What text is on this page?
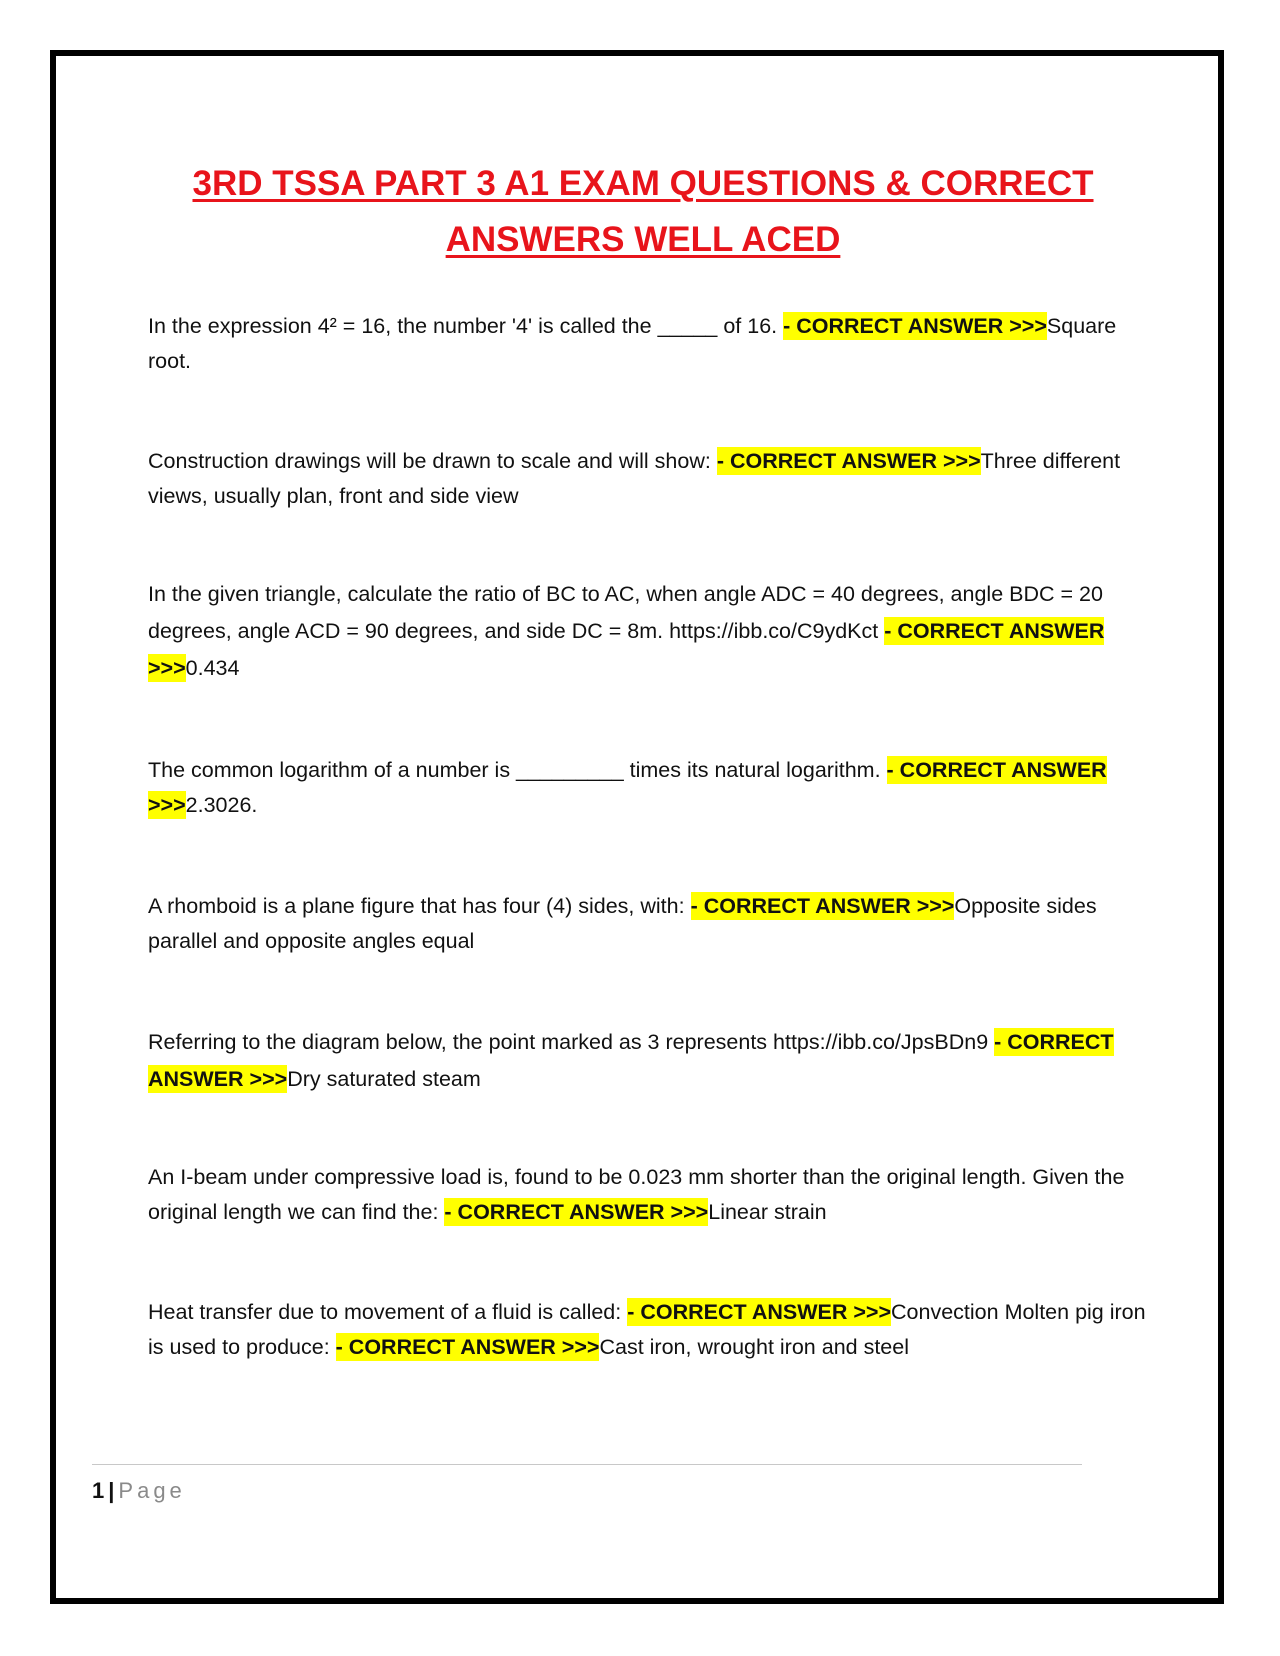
3RD TSSA PART 3 A1 EXAM QUESTIONS & CORRECT
ANSWERS WELL ACED

In the expression 4² = 16, the number '4' is called the _____ of 16. - CORRECT ANSWER >>>Square root.

Construction drawings will be drawn to scale and will show: - CORRECT ANSWER >>>Three different views, usually plan, front and side view

In the given triangle, calculate the ratio of BC to AC, when angle ADC = 40 degrees, angle BDC = 20 degrees, angle ACD = 90 degrees, and side DC = 8m. https://ibb.co/C9ydKct - CORRECT ANSWER >>>0.434

The common logarithm of a number is _________ times its natural logarithm. - CORRECT ANSWER >>>2.3026.

A rhomboid is a plane figure that has four (4) sides, with: - CORRECT ANSWER >>>Opposite sides parallel and opposite angles equal

Referring to the diagram below, the point marked as 3 represents https://ibb.co/JpsBDn9 - CORRECT ANSWER >>>Dry saturated steam

An I-beam under compressive load is, found to be 0.023 mm shorter than the original length. Given the original length we can find the: - CORRECT ANSWER >>>Linear strain

Heat transfer due to movement of a fluid is called: - CORRECT ANSWER >>>Convection Molten pig iron is used to produce: - CORRECT ANSWER >>>Cast iron, wrought iron and steel

1 | Page
